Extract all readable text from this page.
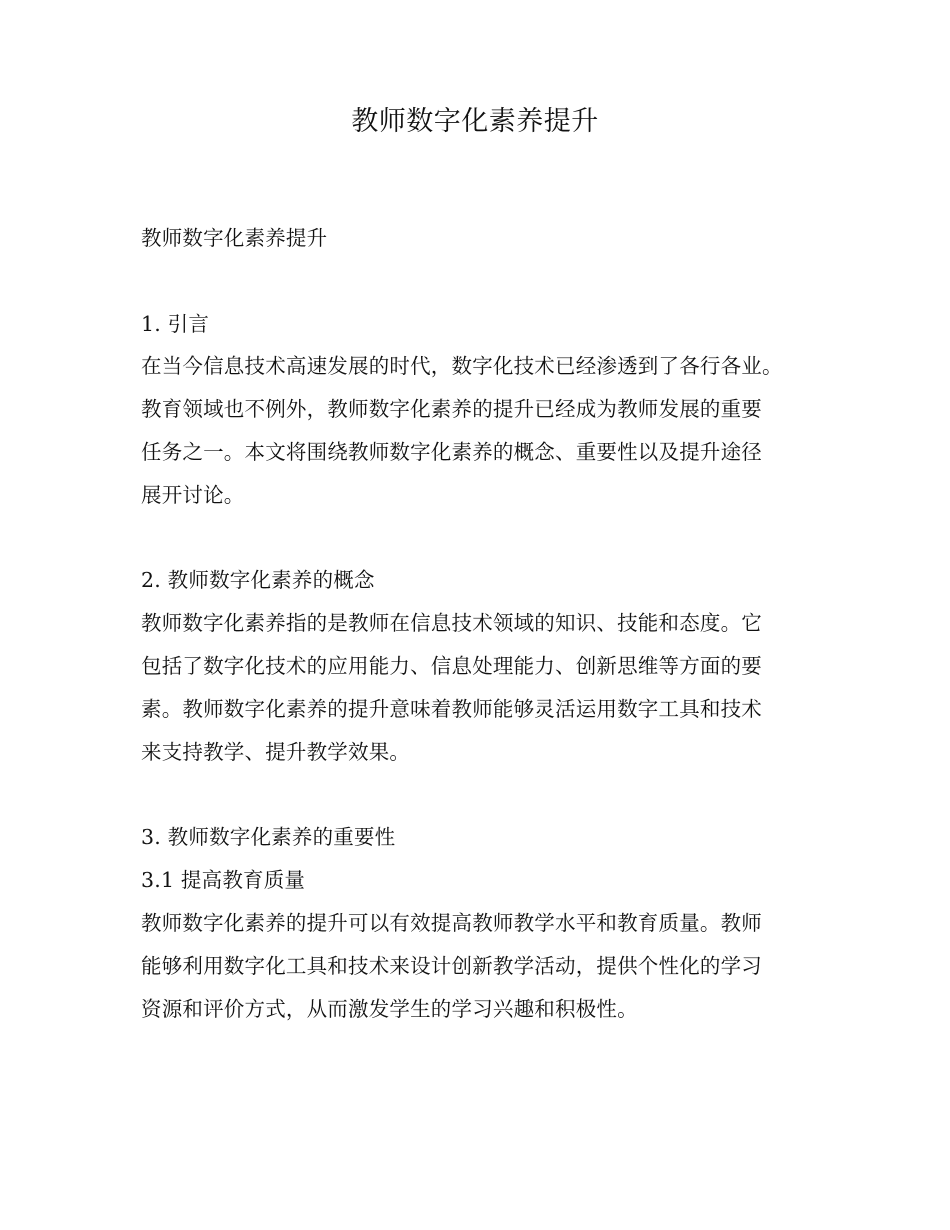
教师数字化素养提升
教师数字化素养提升
1. 引言
在当今信息技术高速发展的时代，数字化技术已经渗透到了各行各业。
教育领域也不例外，教师数字化素养的提升已经成为教师发展的重要
任务之一。本文将围绕教师数字化素养的概念、重要性以及提升途径
展开讨论。
2. 教师数字化素养的概念
教师数字化素养指的是教师在信息技术领域的知识、技能和态度。它
包括了数字化技术的应用能力、信息处理能力、创新思维等方面的要
素。教师数字化素养的提升意味着教师能够灵活运用数字工具和技术
来支持教学、提升教学效果。
3. 教师数字化素养的重要性
3.1 提高教育质量
教师数字化素养的提升可以有效提高教师教学水平和教育质量。教师
能够利用数字化工具和技术来设计创新教学活动，提供个性化的学习
资源和评价方式，从而激发学生的学习兴趣和积极性。
